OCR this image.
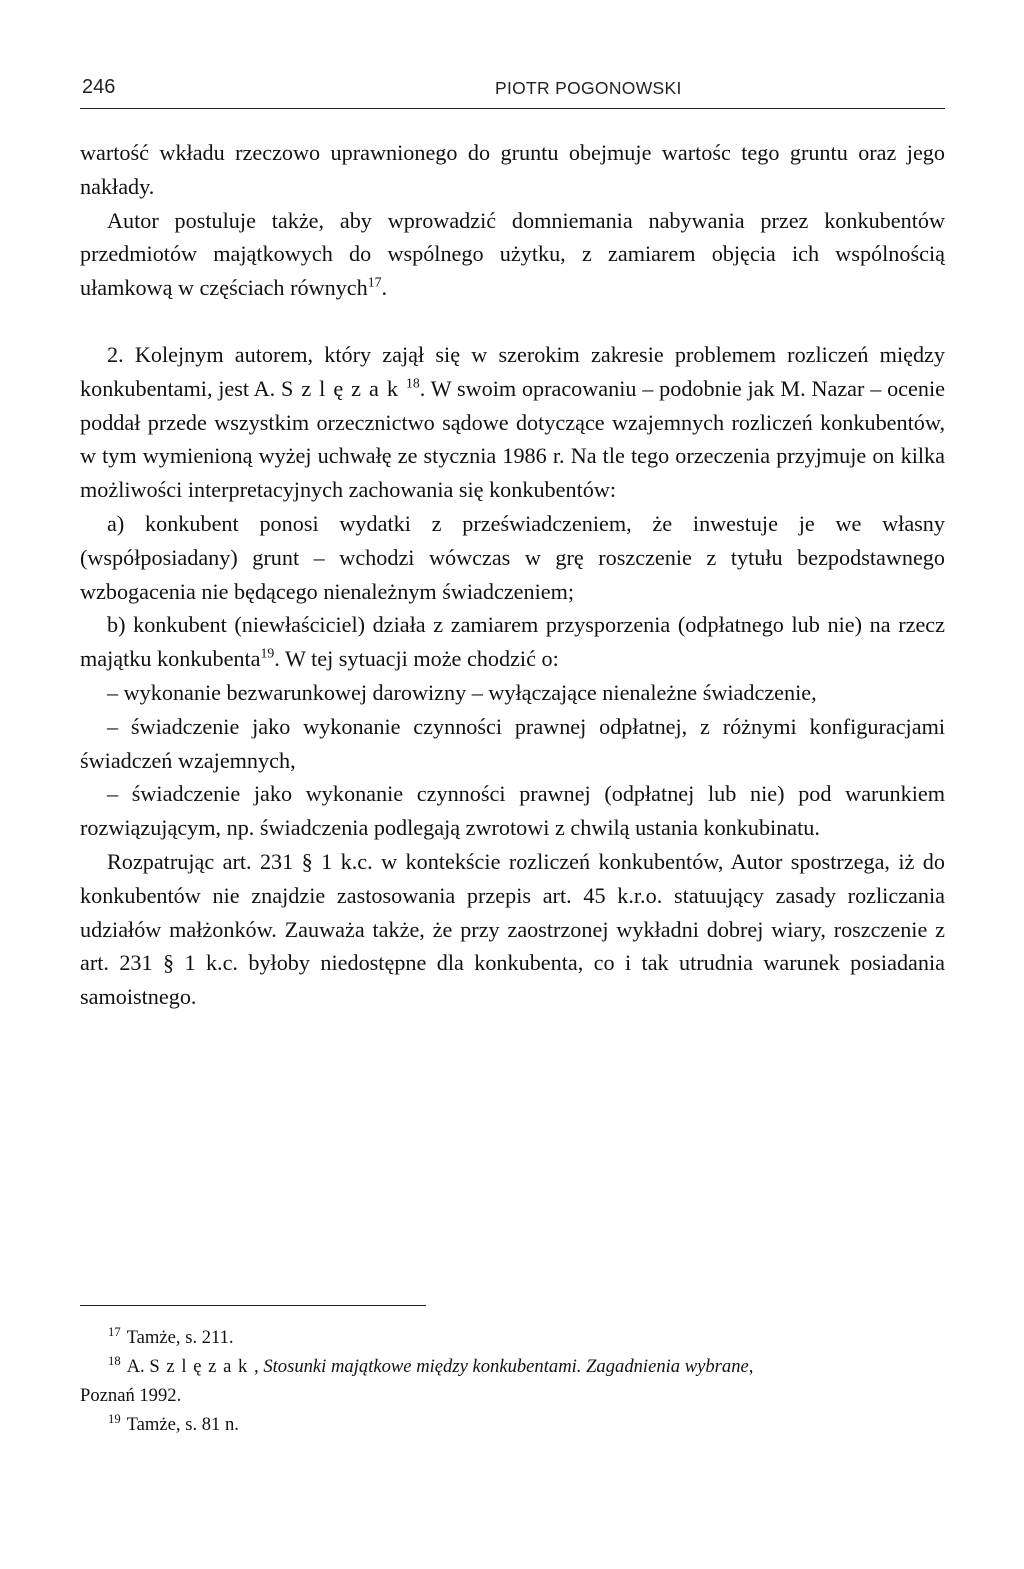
246	PIOTR POGONOWSKI

wartość wkładu rzeczowo uprawnionego do gruntu obejmuje wartośc tego gruntu oraz jego nakłady.

Autor postuluje także, aby wprowadzić domniemania nabywania przez konkubentów przedmiotów majątkowych do wspólnego użytku, z zamiarem objęcia ich wspólnością ułamkową w częściach równych$^{17}$.

2. Kolejnym autorem, który zajął się w szerokim zakresie problemem rozliczeń między konkubentami, jest A. Szlęzak$^{18}$. W swoim opracowaniu – podobnie jak M. Nazar – ocenie poddał przede wszystkim orzecznictwo sądowe dotyczące wzajemnych rozliczeń konkubentów, w tym wymienioną wyżej uchwałę ze stycznia 1986 r. Na tle tego orzeczenia przyjmuje on kilka możliwości interpretacyjnych zachowania się konkubentów:

a) konkubent ponosi wydatki z przeświadczeniem, że inwestuje je we własny (współposiadany) grunt – wchodzi wówczas w grę roszczenie z tytułu bezpodstawnego wzbogacenia nie będącego nienależnym świadczeniem;

b) konkubent (niewłaściciel) działa z zamiarem przysporzenia (odpłatnego lub nie) na rzecz majątku konkubenta$^{19}$. W tej sytuacji może chodzić o:

– wykonanie bezwarunkowej darowizny – wyłączające nienależne świadczenie,

– świadczenie jako wykonanie czynności prawnej odpłatnej, z różnymi konfiguracjami świadczeń wzajemnych,

– świadczenie jako wykonanie czynności prawnej (odpłatnej lub nie) pod warunkiem rozwiązującym, np. świadczenia podlegają zwrotowi z chwilą ustania konkubinatu.

Rozpatrując art. 231 § 1 k.c. w kontekście rozliczeń konkubentów, Autor spostrzega, iż do konkubentów nie znajdzie zastosowania przepis art. 45 k.r.o. statuujący zasady rozliczania udziałów małżonków. Zauważa także, że przy zaostrzonej wykładni dobrej wiary, roszczenie z art. 231 § 1 k.c. byłoby niedostępne dla konkubenta, co i tak utrudnia warunek posiadania samoistnego.

$^{17}$ Tamże, s. 211.

$^{18}$ A. Szlęzak, Stosunki majątkowe między konkubentami. Zagadnienia wybrane,

Poznań 1992.

$^{19}$ Tamże, s. 81 n.
